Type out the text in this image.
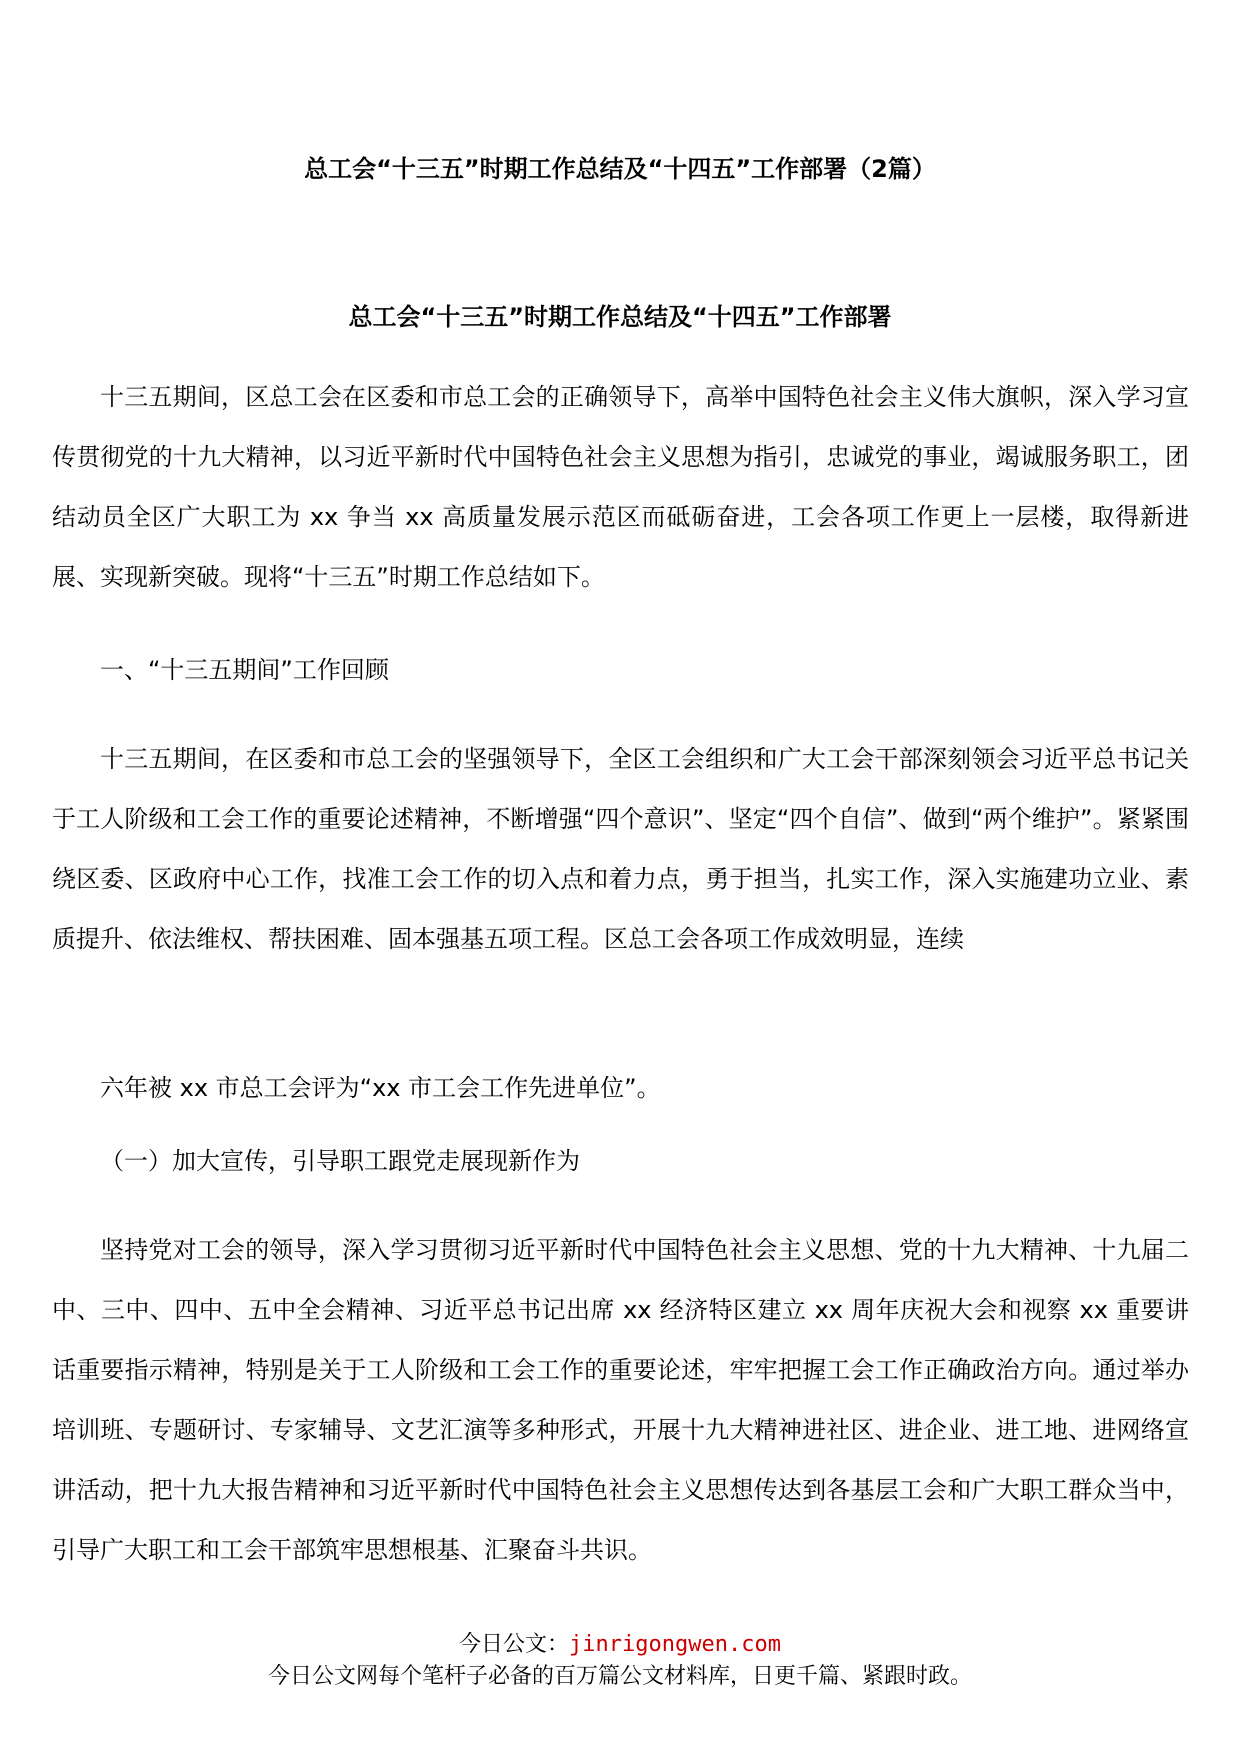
总工会“十三五”时期工作总结及“十四五”工作部署（2篇）
总工会“十三五”时期工作总结及“十四五”工作部署
十三五期间，区总工会在区委和市总工会的正确领导下，高举中国特色社会主义伟大旗帜，深入学习宣传贯彻党的十九大精神，以习近平新时代中国特色社会主义思想为指引，忠诚党的事业，竭诚服务职工，团结动员全区广大职工为 xx 争当 xx 高质量发展示范区而砥砺奋进，工会各项工作更上一层楼，取得新进展、实现新突破。现将“十三五”时期工作总结如下。
一、“十三五期间”工作回顾
十三五期间，在区委和市总工会的坚强领导下，全区工会组织和广大工会干部深刻领会习近平总书记关于工人阶级和工会工作的重要论述精神，不断增强“四个意识”、坚定“四个自信”、做到“两个维护”。紧紧围绕区委、区政府中心工作，找准工会工作的切入点和着力点，勇于担当，扎实工作，深入实施建功立业、素质提升、依法维权、帮扶困难、固本强基五项工程。区总工会各项工作成效明显，连续
六年被 xx 市总工会评为“xx 市工会工作先进单位”。
（一）加大宣传，引导职工跟党走展现新作为
坚持党对工会的领导，深入学习贯彻习近平新时代中国特色社会主义思想、党的十九大精神、十九届二中、三中、四中、五中全会精神、习近平总书记出席 xx 经济特区建立 xx 周年庆祝大会和视察 xx 重要讲话重要指示精神，特别是关于工人阶级和工会工作的重要论述，牢牢把握工会工作正确政治方向。通过举办培训班、专题研讨、专家辅导、文艺汇演等多种形式，开展十九大精神进社区、进企业、进工地、进网络宣讲活动，把十九大报告精神和习近平新时代中国特色社会主义思想传达到各基层工会和广大职工群众当中，引导广大职工和工会干部筑牢思想根基、汇聚奋斗共识。
今日公文：jinrigongwen.com
今日公文网每个笔杆子必备的百万篇公文材料库，日更千篇、紧跟时政。
